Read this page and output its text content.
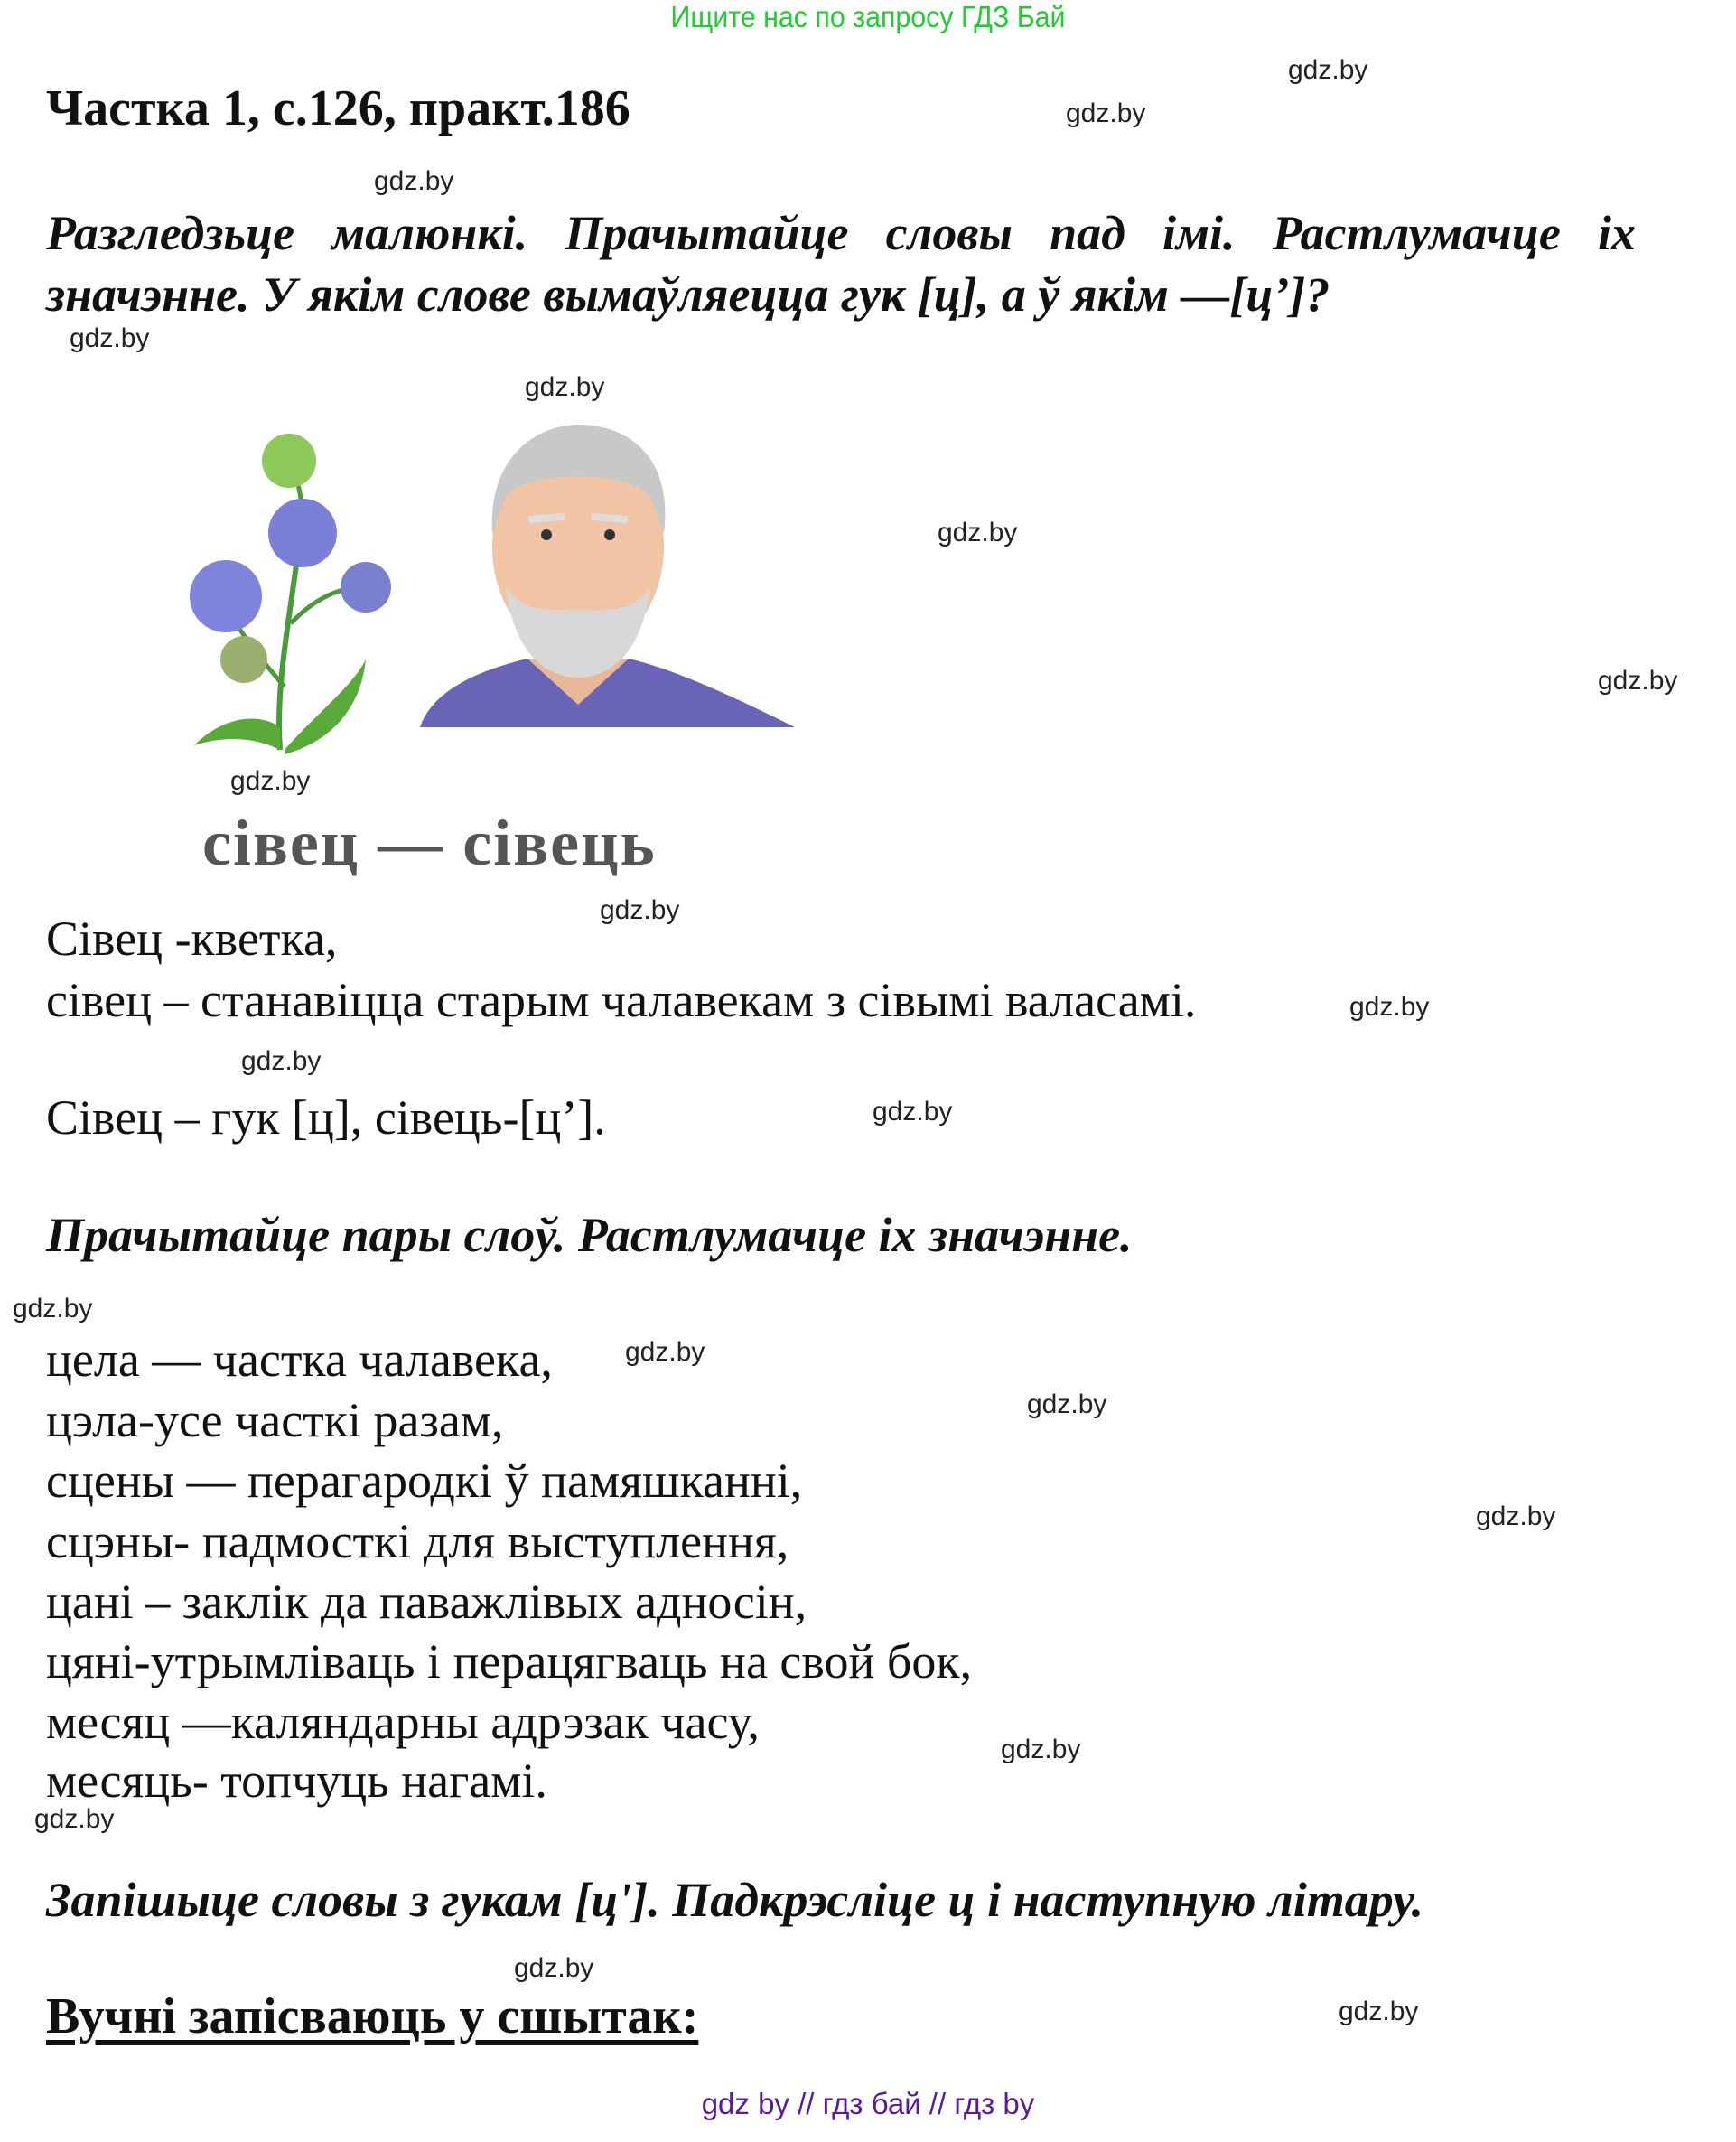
Ищите нас по запросу ГДЗ Бай
Частка 1, с.126, практ.186
Разгледзьце малюнкі. Прачытайце словы пад імі. Растлумачце іх значэнне. У якім слове вымаўляецца гук [ц], а ў якім —[ц’]?
сівец — сівець
Сівец -кветка,
сівец – станавіцца старым чалавекам з сівымі валасамі.
Сівец – гук [ц], сівець-[ц’].
Прачытайце пары слоў. Растлумачце іх значэнне.
цела — частка чалавека,
цэла-усе часткі разам,
сцены — перагародкі ў памяшканні,
сцэны- падмосткі для выступлення,
цані – заклік да паважлівых адносін,
цяні-утрымліваць і перацягваць на свой бок,
месяц —каляндарны адрэзак часу,
месяць- топчуць нагамі.
Запішыце словы з гукам [ц']. Падкрэсліце ц і наступную літару.
Вучні запісваюць у сшытак:
gdz.by
gdz.by
gdz.by
gdz.by
gdz.by
gdz.by
gdz.by
gdz.by
gdz.by
gdz.by
gdz.by
gdz.by
gdz.by
gdz.by
gdz.by
gdz.by
gdz.by
gdz.by
gdz.by
gdz.by
gdz by // гдз бай // гдз by
